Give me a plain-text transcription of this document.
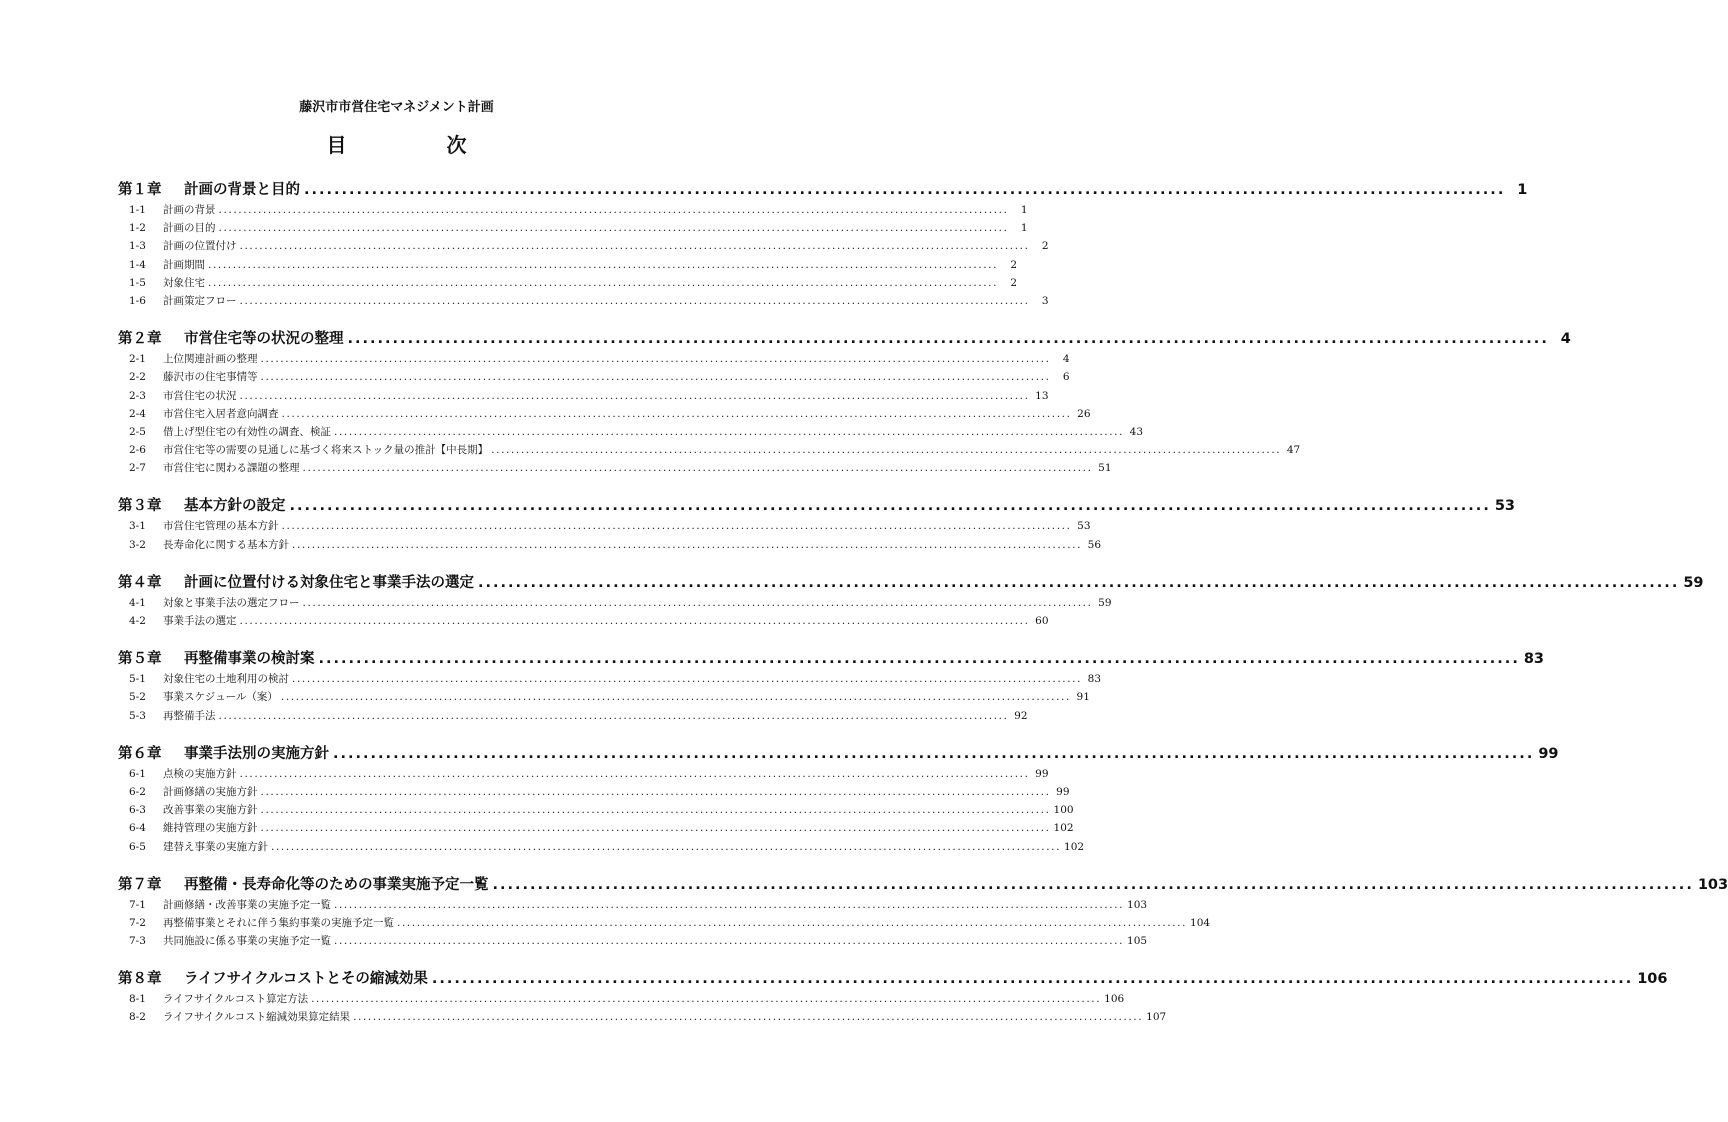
藤沢市市営住宅マネジメント計画
目　次
第１章	計画の背景と目的 ................................................................................................................................................................ 1
1-1	計画の背景 ................................................................................................................................................................	1
1-2	計画の目的 ................................................................................................................................................................	1
1-3	計画の位置付け ................................................................................................................................................................	2
1-4	計画期間 ................................................................................................................................................................	2
1-5	対象住宅 ................................................................................................................................................................	2
1-6	計画策定フロー ................................................................................................................................................................	3
第２章	市営住宅等の状況の整理 ................................................................................................................................................................ 4
2-1	上位関連計画の整理 ................................................................................................................................................................	4
2-2	藤沢市の住宅事情等 ................................................................................................................................................................	6
2-3	市営住宅の状況 ................................................................................................................................................................ 13
2-4	市営住宅入居者意向調査 ................................................................................................................................................................ 26
2-5	借上げ型住宅の有効性の調査、検証 ................................................................................................................................................................ 43
2-6	市営住宅等の需要の見通しに基づく将来ストック量の推計【中長期】 ................................................................................................................................................................ 47
2-7	市営住宅に関わる課題の整理 ................................................................................................................................................................ 51
第３章	基本方針の設定 ................................................................................................................................................................ 53
3-1	市営住宅管理の基本方針 ................................................................................................................................................................ 53
3-2	長寿命化に関する基本方針 ................................................................................................................................................................ 56
第４章	計画に位置付ける対象住宅と事業手法の選定 ................................................................................................................................................................ 59
4-1	対象と事業手法の選定フロー ................................................................................................................................................................ 59
4-2	事業手法の選定 ................................................................................................................................................................ 60
第５章	再整備事業の検討案 ................................................................................................................................................................ 83
5-1	対象住宅の土地利用の検討 ................................................................................................................................................................ 83
5-2	事業スケジュール（案） ................................................................................................................................................................ 91
5-3	再整備手法 ................................................................................................................................................................ 92
第６章	事業手法別の実施方針 ................................................................................................................................................................ 99
6-1	点検の実施方針 ................................................................................................................................................................ 99
6-2	計画修繕の実施方針 ................................................................................................................................................................ 99
6-3	改善事業の実施方針 ................................................................................................................................................................ 100
6-4	維持管理の実施方針 ................................................................................................................................................................ 102
6-5	建替え事業の実施方針 ................................................................................................................................................................ 102
第７章	再整備・長寿命化等のための事業実施予定一覧 ................................................................................................................................................................ 103
7-1	計画修繕・改善事業の実施予定一覧 ................................................................................................................................................................ 103
7-2	再整備事業とそれに伴う集約事業の実施予定一覧 ................................................................................................................................................................ 104
7-3	共同施設に係る事業の実施予定一覧 ................................................................................................................................................................ 105
第８章	ライフサイクルコストとその縮減効果 ................................................................................................................................................................ 106
8-1	ライフサイクルコスト算定方法 ................................................................................................................................................................ 106
8-2	ライフサイクルコスト縮減効果算定結果 ................................................................................................................................................................ 107
